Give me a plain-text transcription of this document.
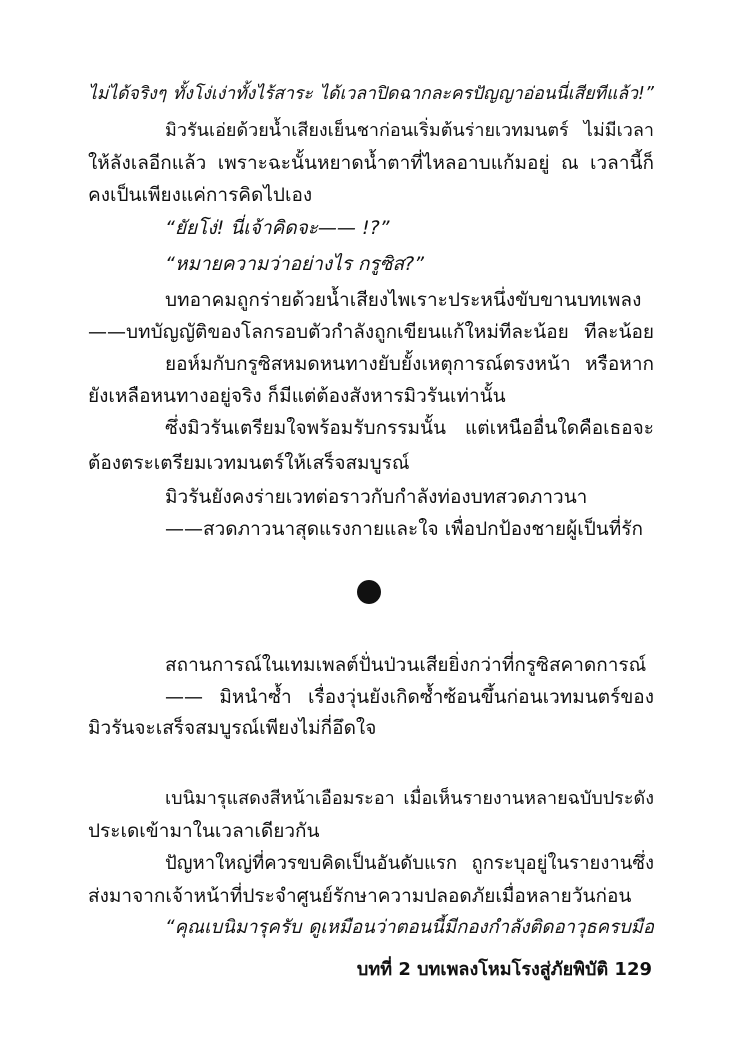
ไม่ได้จริงๆ ทั้งโง่เง่าทั้งไร้สาระ ได้เวลาปิดฉากละครปัญญาอ่อนนี่เสียทีแล้ว!”
มิวรันเอ่ยด้วยน้ำเสียงเย็นชาก่อนเริ่มต้นร่ายเวทมนตร์ ไม่มีเวลา
ให้ลังเลอีกแล้ว เพราะฉะนั้นหยาดน้ำตาที่ไหลอาบแก้มอยู่ ณ เวลานี้ก็
คงเป็นเพียงแค่การคิดไปเอง
“ยัยโง่! นี่เจ้าคิดจะ—— !?”
“หมายความว่าอย่างไร กรูซิส?”
บทอาคมถูกร่ายด้วยน้ำเสียงไพเราะประหนึ่งขับขานบทเพลง
——บทบัญญัติของโลกรอบตัวกำลังถูกเขียนแก้ใหม่ทีละน้อย ทีละน้อย
ยอห์มกับกรูซิสหมดหนทางยับยั้งเหตุการณ์ตรงหน้า หรือหาก
ยังเหลือหนทางอยู่จริง ก็มีแต่ต้องสังหารมิวรันเท่านั้น
ซึ่งมิวรันเตรียมใจพร้อมรับกรรมนั้น แต่เหนืออื่นใดคือเธอจะ
ต้องตระเตรียมเวทมนตร์ให้เสร็จสมบูรณ์
มิวรันยังคงร่ายเวทต่อราวกับกำลังท่องบทสวดภาวนา
——สวดภาวนาสุดแรงกายและใจ เพื่อปกป้องชายผู้เป็นที่รัก
สถานการณ์ในเทมเพลต์ปั่นป่วนเสียยิ่งกว่าที่กรูซิสคาดการณ์
—— มิหนำซ้ำ เรื่องวุ่นยังเกิดซ้ำซ้อนขึ้นก่อนเวทมนตร์ของ
มิวรันจะเสร็จสมบูรณ์เพียงไม่กี่อึดใจ
เบนิมารุแสดงสีหน้าเอือมระอา เมื่อเห็นรายงานหลายฉบับประดัง
ประเดเข้ามาในเวลาเดียวกัน
ปัญหาใหญ่ที่ควรขบคิดเป็นอันดับแรก ถูกระบุอยู่ในรายงานซึ่ง
ส่งมาจากเจ้าหน้าที่ประจำศูนย์รักษาความปลอดภัยเมื่อหลายวันก่อน
“คุณเบนิมารุครับ ดูเหมือนว่าตอนนี้มีกองกำลังติดอาวุธครบมือ
บทที่ 2 บทเพลงโหมโรงสู่ภัยพิบัติ 129
